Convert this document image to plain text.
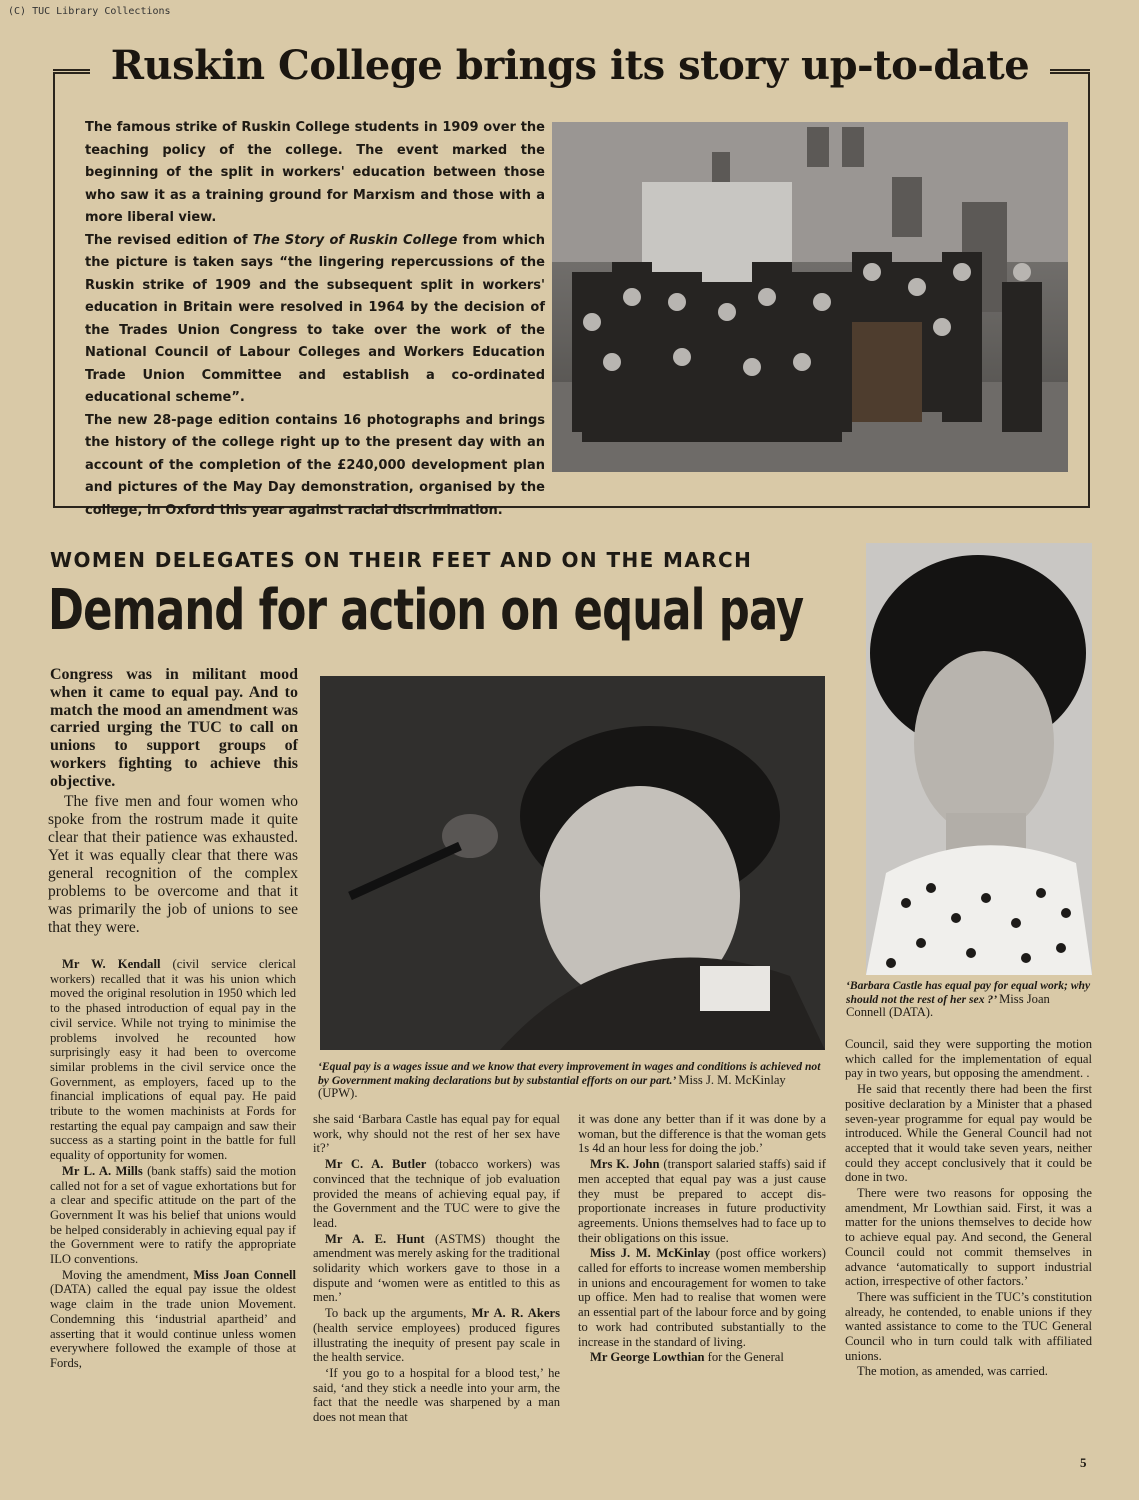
(C) TUC Library Collections
Ruskin College brings its story up-to-date

The famous strike of Ruskin College students in 1909 over the teaching policy of the college. The event marked the beginning of the split in workers' education between those who saw it as a training ground for Marxism and those with a more liberal view.

The revised edition of The Story of Ruskin College from which the picture is taken says “the lingering repercussions of the Ruskin strike of 1909 and the subsequent split in workers' education in Britain were resolved in 1964 by the decision of the Trades Union Congress to take over the work of the National Council of Labour Colleges and Workers Education Trade Union Committee and establish a co-ordinated educational scheme”.

The new 28-page edition contains 16 photographs and brings the history of the college right up to the present day with an account of the completion of the £240,000 development plan and pictures of the May Day demonstration, organised by the college, in Oxford this year against racial discrimination.

WOMEN DELEGATES ON THEIR FEET AND ON THE MARCH
Demand for action on equal pay
Congress was in militant mood when it came to equal pay. And to match the mood an amendment was carried urging the TUC to call on unions to support groups of workers fighting to achieve this objective.
The five men and four women who spoke from the rostrum made it quite clear that their patience was exhausted. Yet it was equally clear that there was general recognition of the complex problems to be overcome and that it was primarily the job of unions to see that they were.
‘Equal pay is a wages issue and we know that every improvement in wages and conditions is achieved not by Government making declarations but by substantial efforts on our part.’ Miss J. M. McKinlay (UPW).
‘Barbara Castle has equal pay for equal work; why should not the rest of her sex ?’ Miss Joan Connell (DATA).

Mr W. Kendall (civil service clerical workers) recalled that it was his union which moved the original resolution in 1950 which led to the phased introduction of equal pay in the civil service. While not trying to minimise the problems involved he recounted how surprisingly easy it had been to overcome similar problems in the civil service once the Government, as employers, faced up to the financial implications of equal pay. He paid tribute to the women machinists at Fords for restarting the equal pay campaign and saw their success as a starting point in the battle for full equality of opportunity for women.

Mr L. A. Mills (bank staffs) said the motion called not for a set of vague exhortations but for a clear and specific attitude on the part of the Government It was his belief that unions would be helped considerably in achieving equal pay if the Government were to ratify the appropriate ILO conventions.

Moving the amendment, Miss Joan Connell (DATA) called the equal pay issue the oldest wage claim in the trade union Movement. Condemning this ‘industrial apartheid’ and asserting that it would continue unless women everywhere followed the example of those at Fords,

she said ‘Barbara Castle has equal pay for equal work, why should not the rest of her sex have it?’

Mr C. A. Butler (tobacco workers) was convinced that the technique of job evaluation provided the means of achieving equal pay, if the Government and the TUC were to give the lead.

Mr A. E. Hunt (ASTMS) thought the amendment was merely asking for the traditional solidarity which workers gave to those in a dispute and ‘women were as entitled to this as men.’

To back up the arguments, Mr A. R. Akers (health service employees) produced figures illustrating the inequity of present pay scale in the health service.

‘If you go to a hospital for a blood test,’ he said, ‘and they stick a needle into your arm, the fact that the needle was sharpened by a man does not mean that

it was done any better than if it was done by a woman, but the difference is that the woman gets 1s 4d an hour less for doing the job.’

Mrs K. John (transport salaried staffs) said if men accepted that equal pay was a just cause they must be prepared to accept dis-proportionate increases in future productivity agreements. Unions themselves had to face up to their obligations on this issue.

Miss J. M. McKinlay (post office workers) called for efforts to increase women membership in unions and encouragement for women to take up office. Men had to realise that women were an essential part of the labour force and by going to work had contributed substantially to the increase in the standard of living.

Mr George Lowthian for the General

Council, said they were supporting the motion which called for the implementation of equal pay in two years, but opposing the amendment. .

He said that recently there had been the first positive declaration by a Minister that a phased seven-year programme for equal pay would be introduced. While the General Council had not accepted that it would take seven years, neither could they accept conclusively that it could be done in two.

There were two reasons for opposing the amendment, Mr Lowthian said. First, it was a matter for the unions themselves to decide how to achieve equal pay. And second, the General Council could not commit themselves in advance ‘automatically to support industrial action, irrespective of other factors.’

There was sufficient in the TUC’s constitution already, he contended, to enable unions if they wanted assistance to come to the TUC General Council who in turn could talk with affiliated unions.

The motion, as amended, was carried.

5
